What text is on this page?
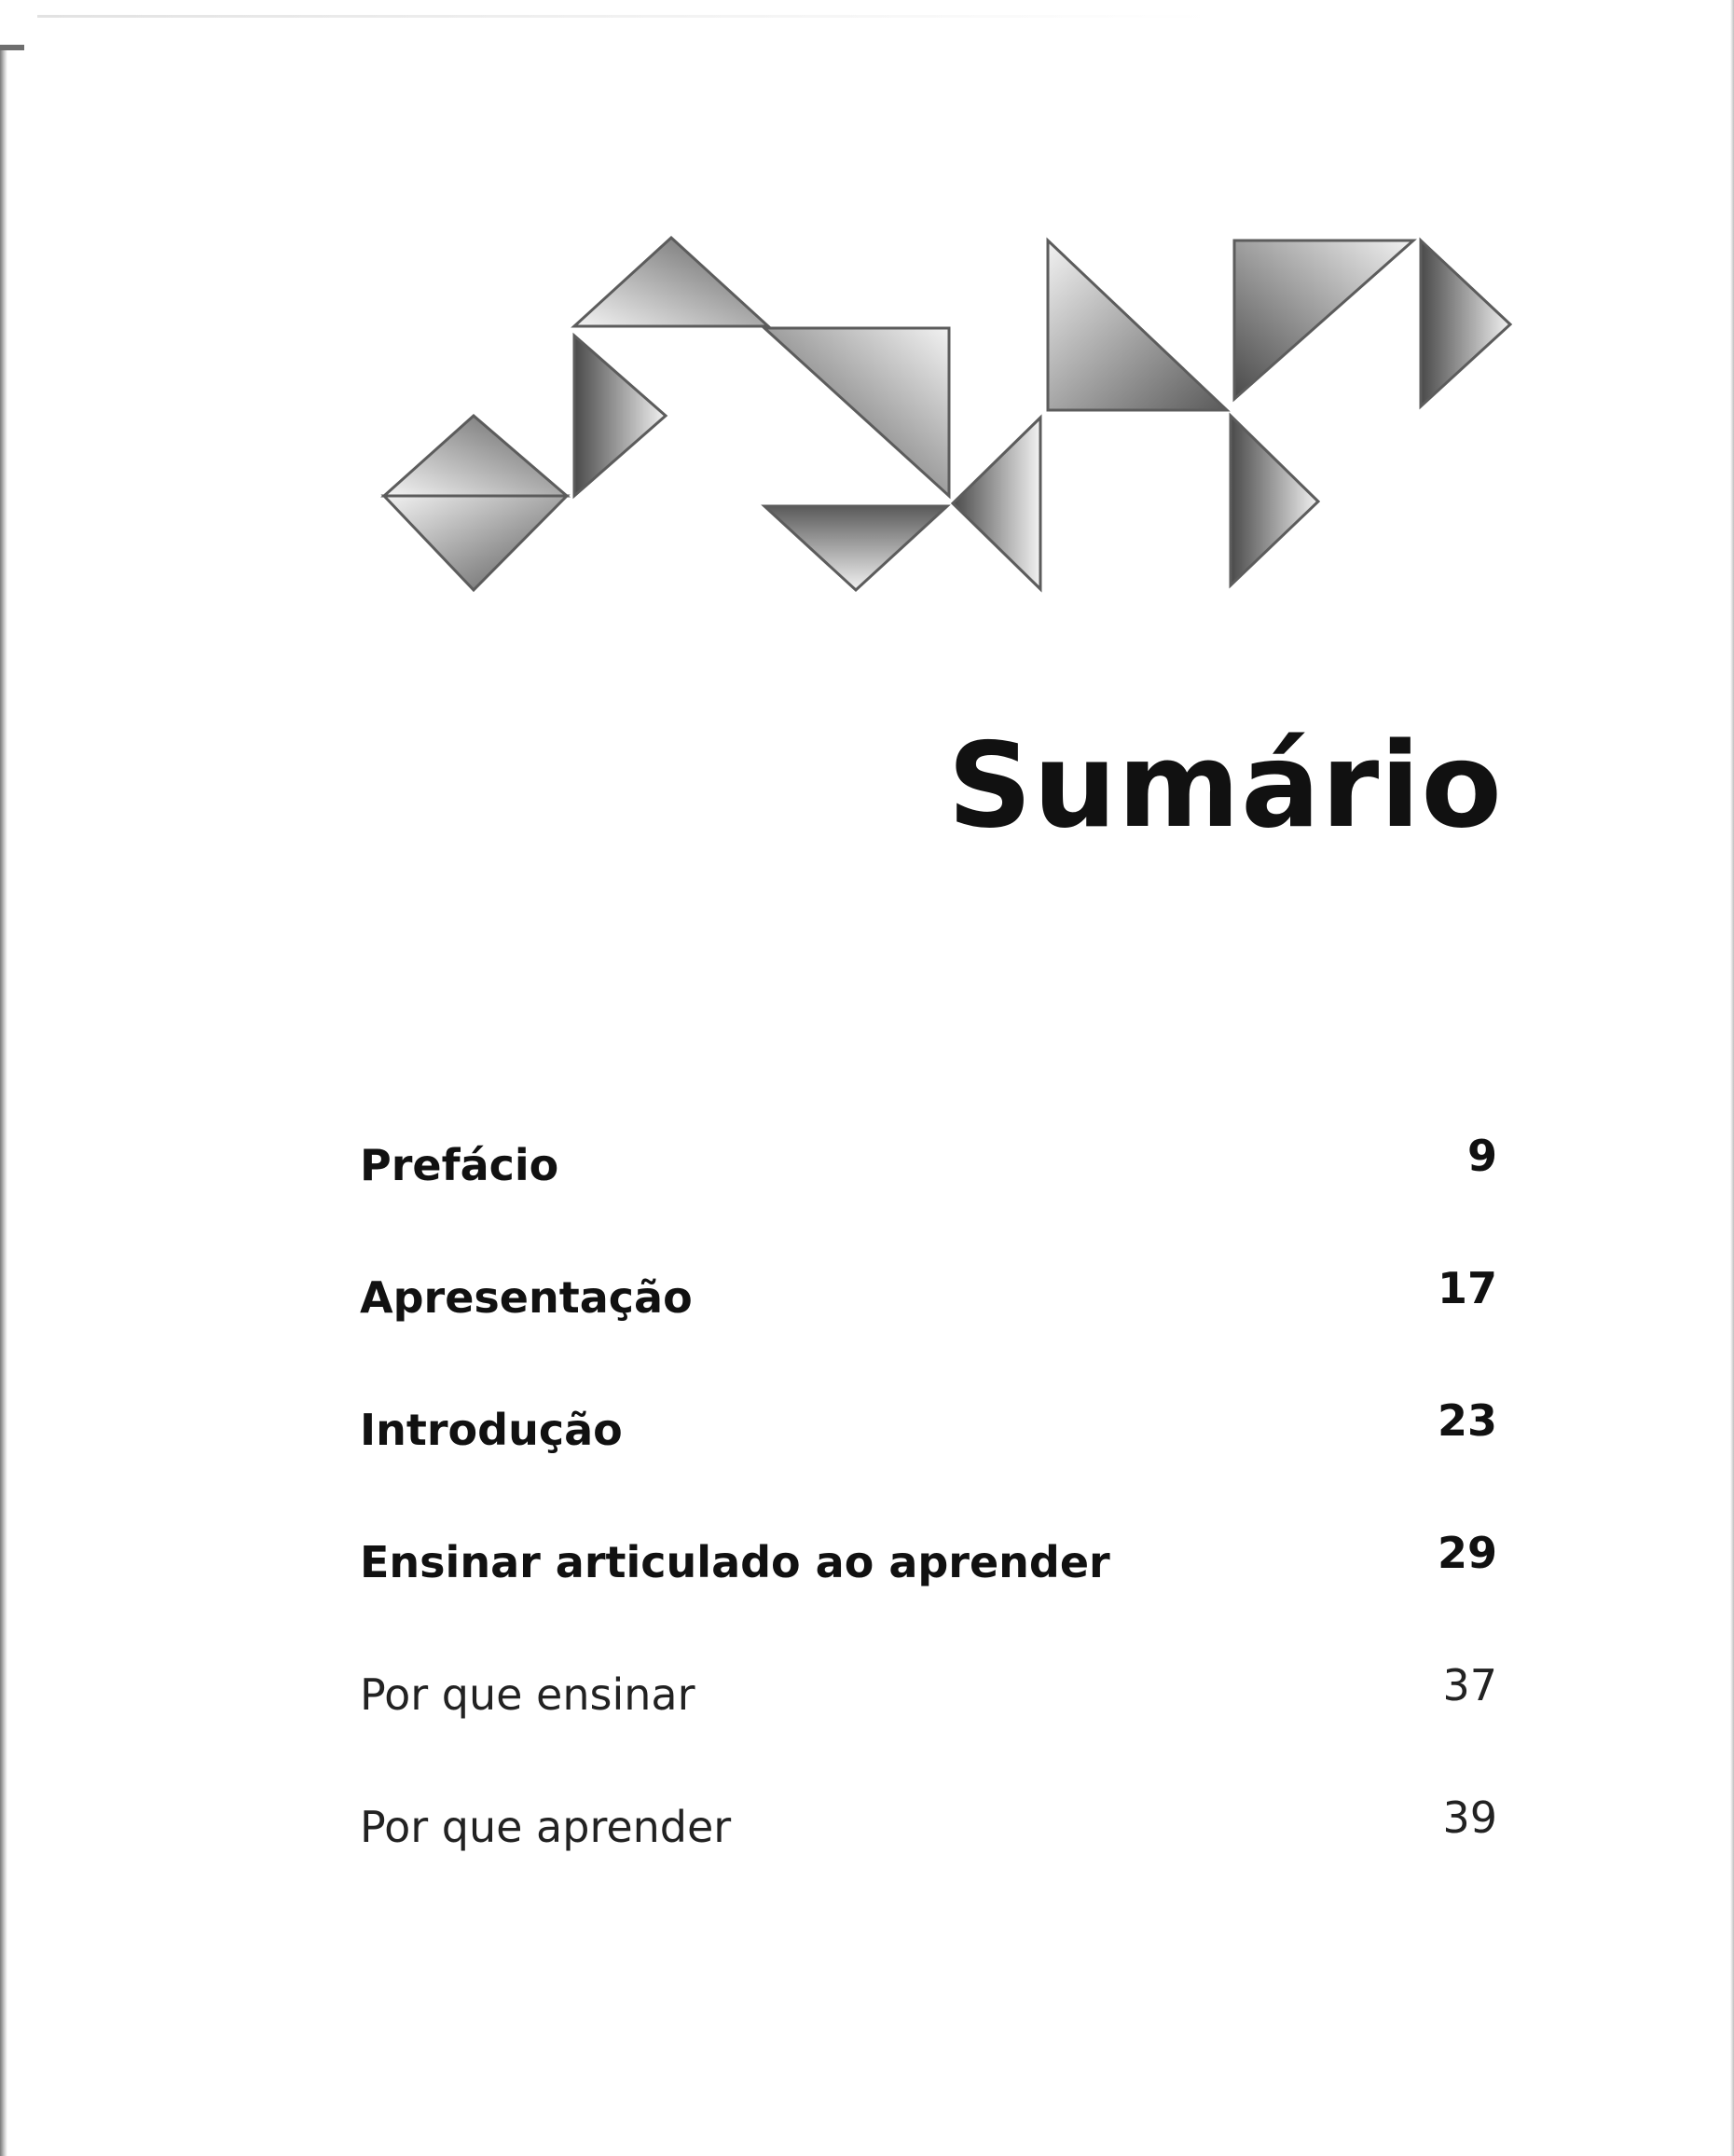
Sumário
Prefácio	9
Apresentação	17
Introdução	23
Ensinar articulado ao aprender	29
Por que ensinar	37
Por que aprender	39
